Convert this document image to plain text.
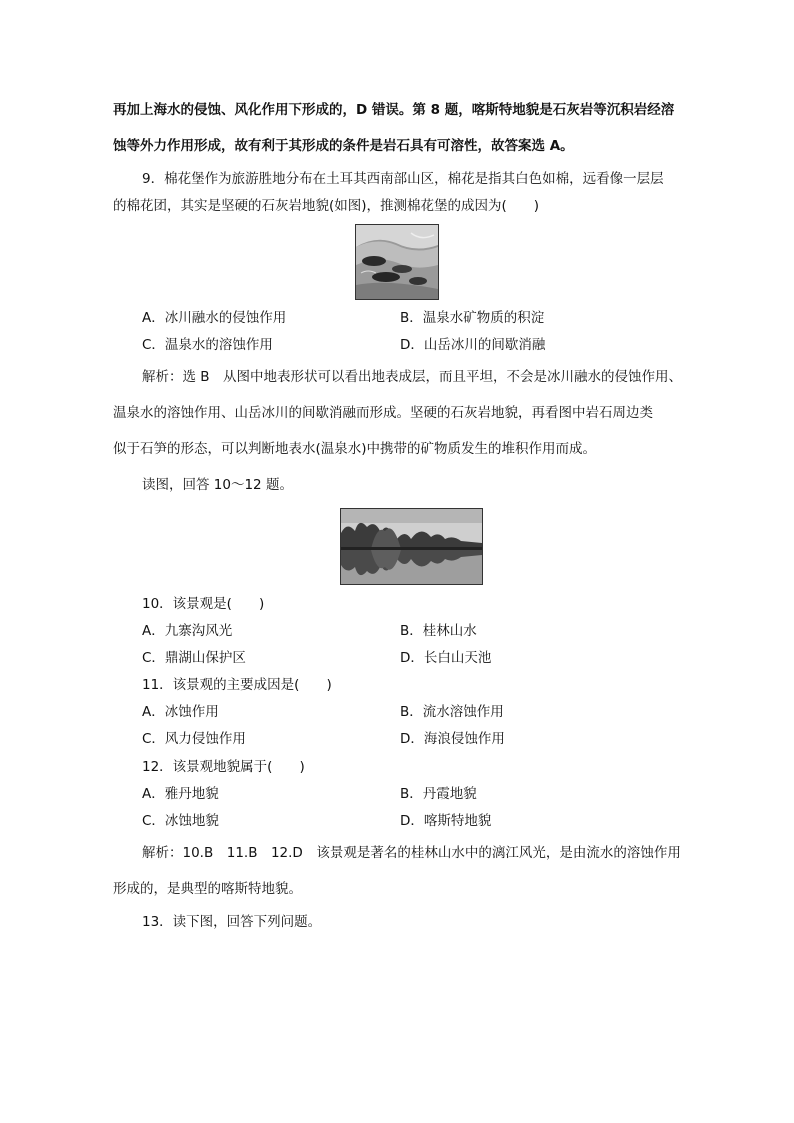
再加上海水的侵蚀、风化作用下形成的，D 错误。第 8 题，喀斯特地貌是石灰岩等沉积岩经溶
蚀等外力作用形成，故有利于其形成的条件是岩石具有可溶性，故答案选 A。
9．棉花堡作为旅游胜地分布在土耳其西南部山区，棉花是指其白色如棉，远看像一层层
的棉花团，其实是坚硬的石灰岩地貌(如图)，推测棉花堡的成因为(　　)
A．冰川融水的侵蚀作用	B．温泉水矿物质的积淀
C．温泉水的溶蚀作用	D．山岳冰川的间歇消融
解析：选 B　从图中地表形状可以看出地表成层，而且平坦，不会是冰川融水的侵蚀作用、
温泉水的溶蚀作用、山岳冰川的间歇消融而形成。坚硬的石灰岩地貌，再看图中岩石周边类
似于石笋的形态，可以判断地表水(温泉水)中携带的矿物质发生的堆积作用而成。
读图，回答 10～12 题。
10．该景观是(　　)
A．九寨沟风光	B．桂林山水
C．鼎湖山保护区	D．长白山天池
11．该景观的主要成因是(　　)
A．冰蚀作用	B．流水溶蚀作用
C．风力侵蚀作用	D．海浪侵蚀作用
12．该景观地貌属于(　　)
A．雅丹地貌	B．丹霞地貌
C．冰蚀地貌	D．喀斯特地貌
解析：10.B　11.B　12.D　该景观是著名的桂林山水中的漓江风光，是由流水的溶蚀作用
形成的，是典型的喀斯特地貌。
13．读下图，回答下列问题。
